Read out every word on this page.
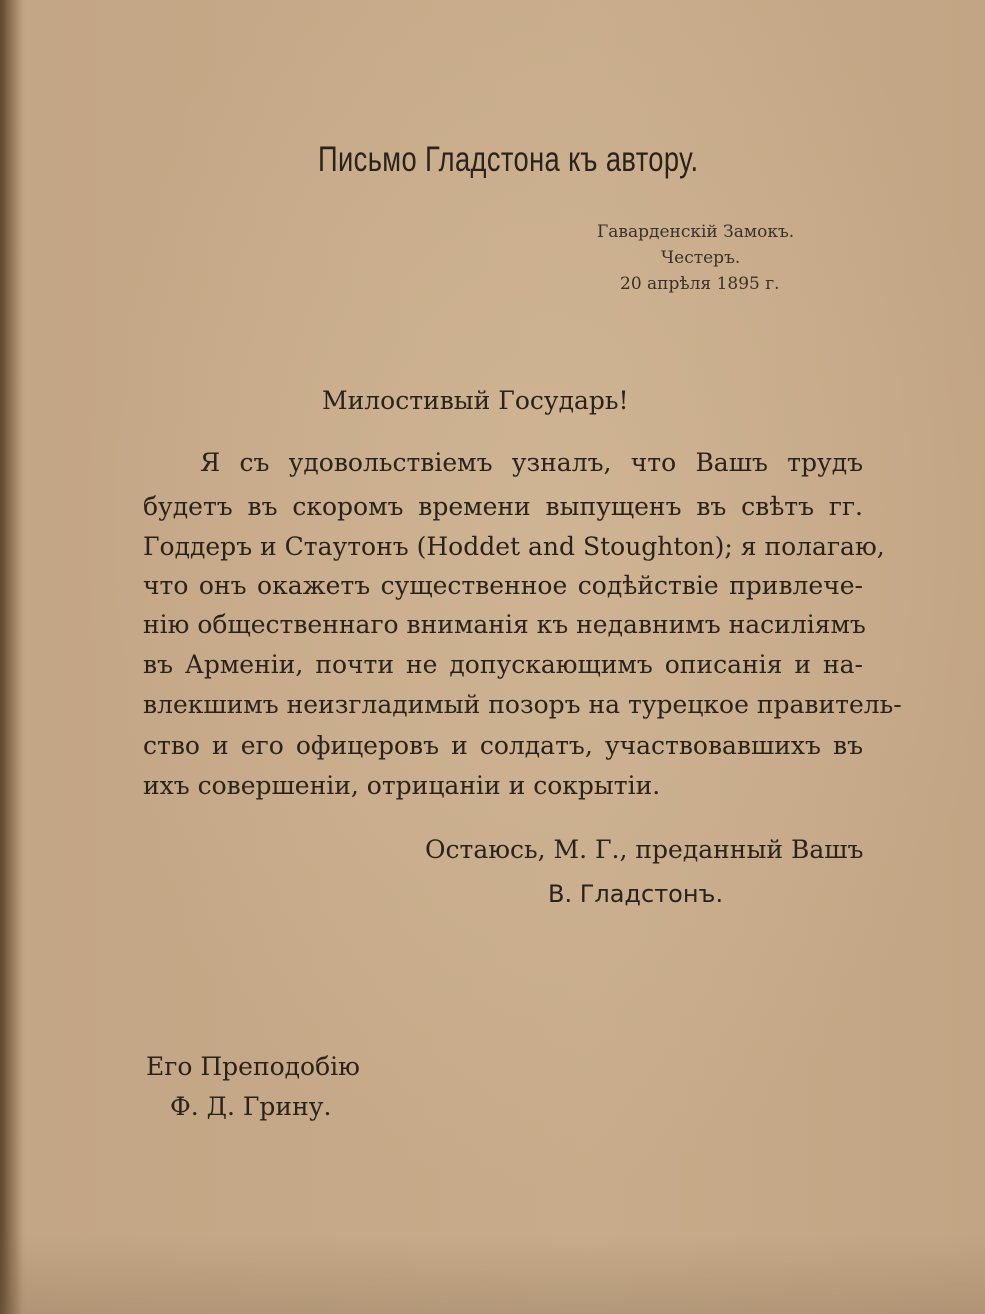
Письмо Гладстона къ автору.
Гаварденскій Замокъ.
Честеръ.
20 апрѣля 1895 г.
Милостивый Государь!
Я съ удовольствіемъ узналъ, что Вашъ трудъ
будетъ въ скоромъ времени выпущенъ въ свѣтъ гг.
Годдеръ и Стаутонъ (Hoddet and Stoughton); я полагаю,
что онъ окажетъ существенное содѣйствіе привлече-
нію общественнаго вниманія къ недавнимъ насиліямъ
въ Арменіи, почти не допускающимъ описанія и на-
влекшимъ неизгладимый позоръ на турецкое правитель-
ство и его офицеровъ и солдатъ, участвовавшихъ въ
ихъ совершеніи, отрицаніи и сокрытіи.
Остаюсь, М. Г., преданный Вашъ
В. Гладстонъ.
Его Преподобію
Ф. Д. Грину.
